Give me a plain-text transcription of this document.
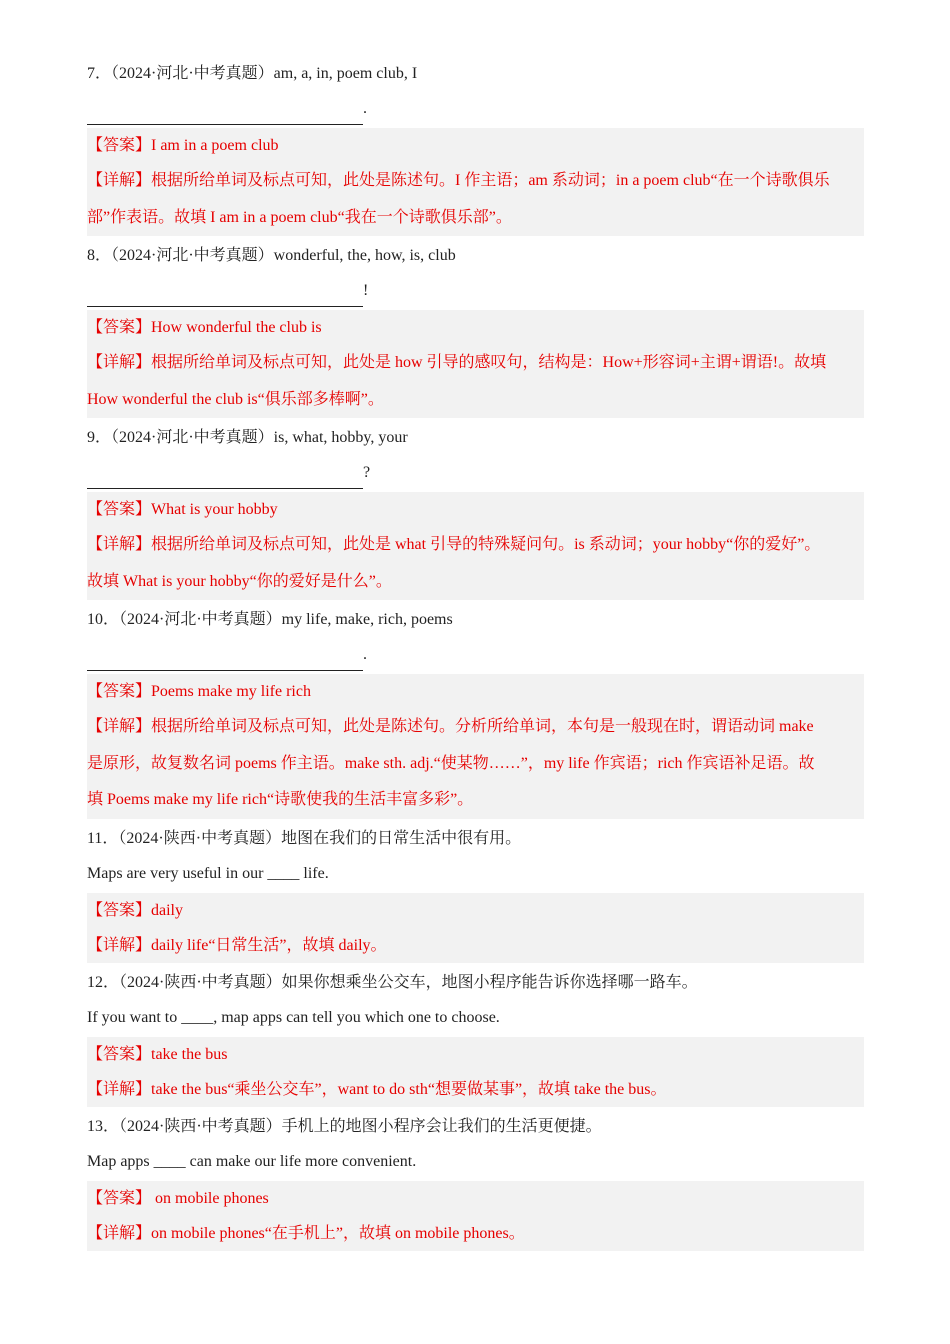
7．（2024·河北·中考真题）am, a, in, poem club, I
.
【答案】I am in a poem club
【详解】根据所给单词及标点可知，此处是陈述句。I 作主语；am 系动词；in a poem club“在一个诗歌俱乐
部”作表语。故填 I am in a poem club“我在一个诗歌俱乐部”。
8．（2024·河北·中考真题）wonderful, the, how, is, club
!
【答案】How wonderful the club is
【详解】根据所给单词及标点可知，此处是 how 引导的感叹句，结构是：How+形容词+主谓+谓语!。故填
How wonderful the club is“俱乐部多棒啊”。
9．（2024·河北·中考真题）is, what, hobby, your
?
【答案】What is your hobby
【详解】根据所给单词及标点可知，此处是 what 引导的特殊疑问句。is 系动词；your hobby“你的爱好”。
故填 What is your hobby“你的爱好是什么”。
10．（2024·河北·中考真题）my life, make, rich, poems
.
【答案】Poems make my life rich
【详解】根据所给单词及标点可知，此处是陈述句。分析所给单词，本句是一般现在时，谓语动词 make
是原形，故复数名词 poems 作主语。make sth. adj.“使某物……”，my life 作宾语；rich 作宾语补足语。故
填 Poems make my life rich“诗歌使我的生活丰富多彩”。
11．（2024·陕西·中考真题）地图在我们的日常生活中很有用。
Maps are very useful in our ____ life.
【答案】daily
【详解】daily life“日常生活”，故填 daily。
12．（2024·陕西·中考真题）如果你想乘坐公交车，地图小程序能告诉你选择哪一路车。
If you want to ____, map apps can tell you which one to choose.
【答案】take the bus
【详解】take the bus“乘坐公交车”，want to do sth“想要做某事”，故填 take the bus。
13．（2024·陕西·中考真题）手机上的地图小程序会让我们的生活更便捷。
Map apps ____ can make our life more convenient.
【答案】 on mobile phones
【详解】on mobile phones“在手机上”，故填 on mobile phones。
